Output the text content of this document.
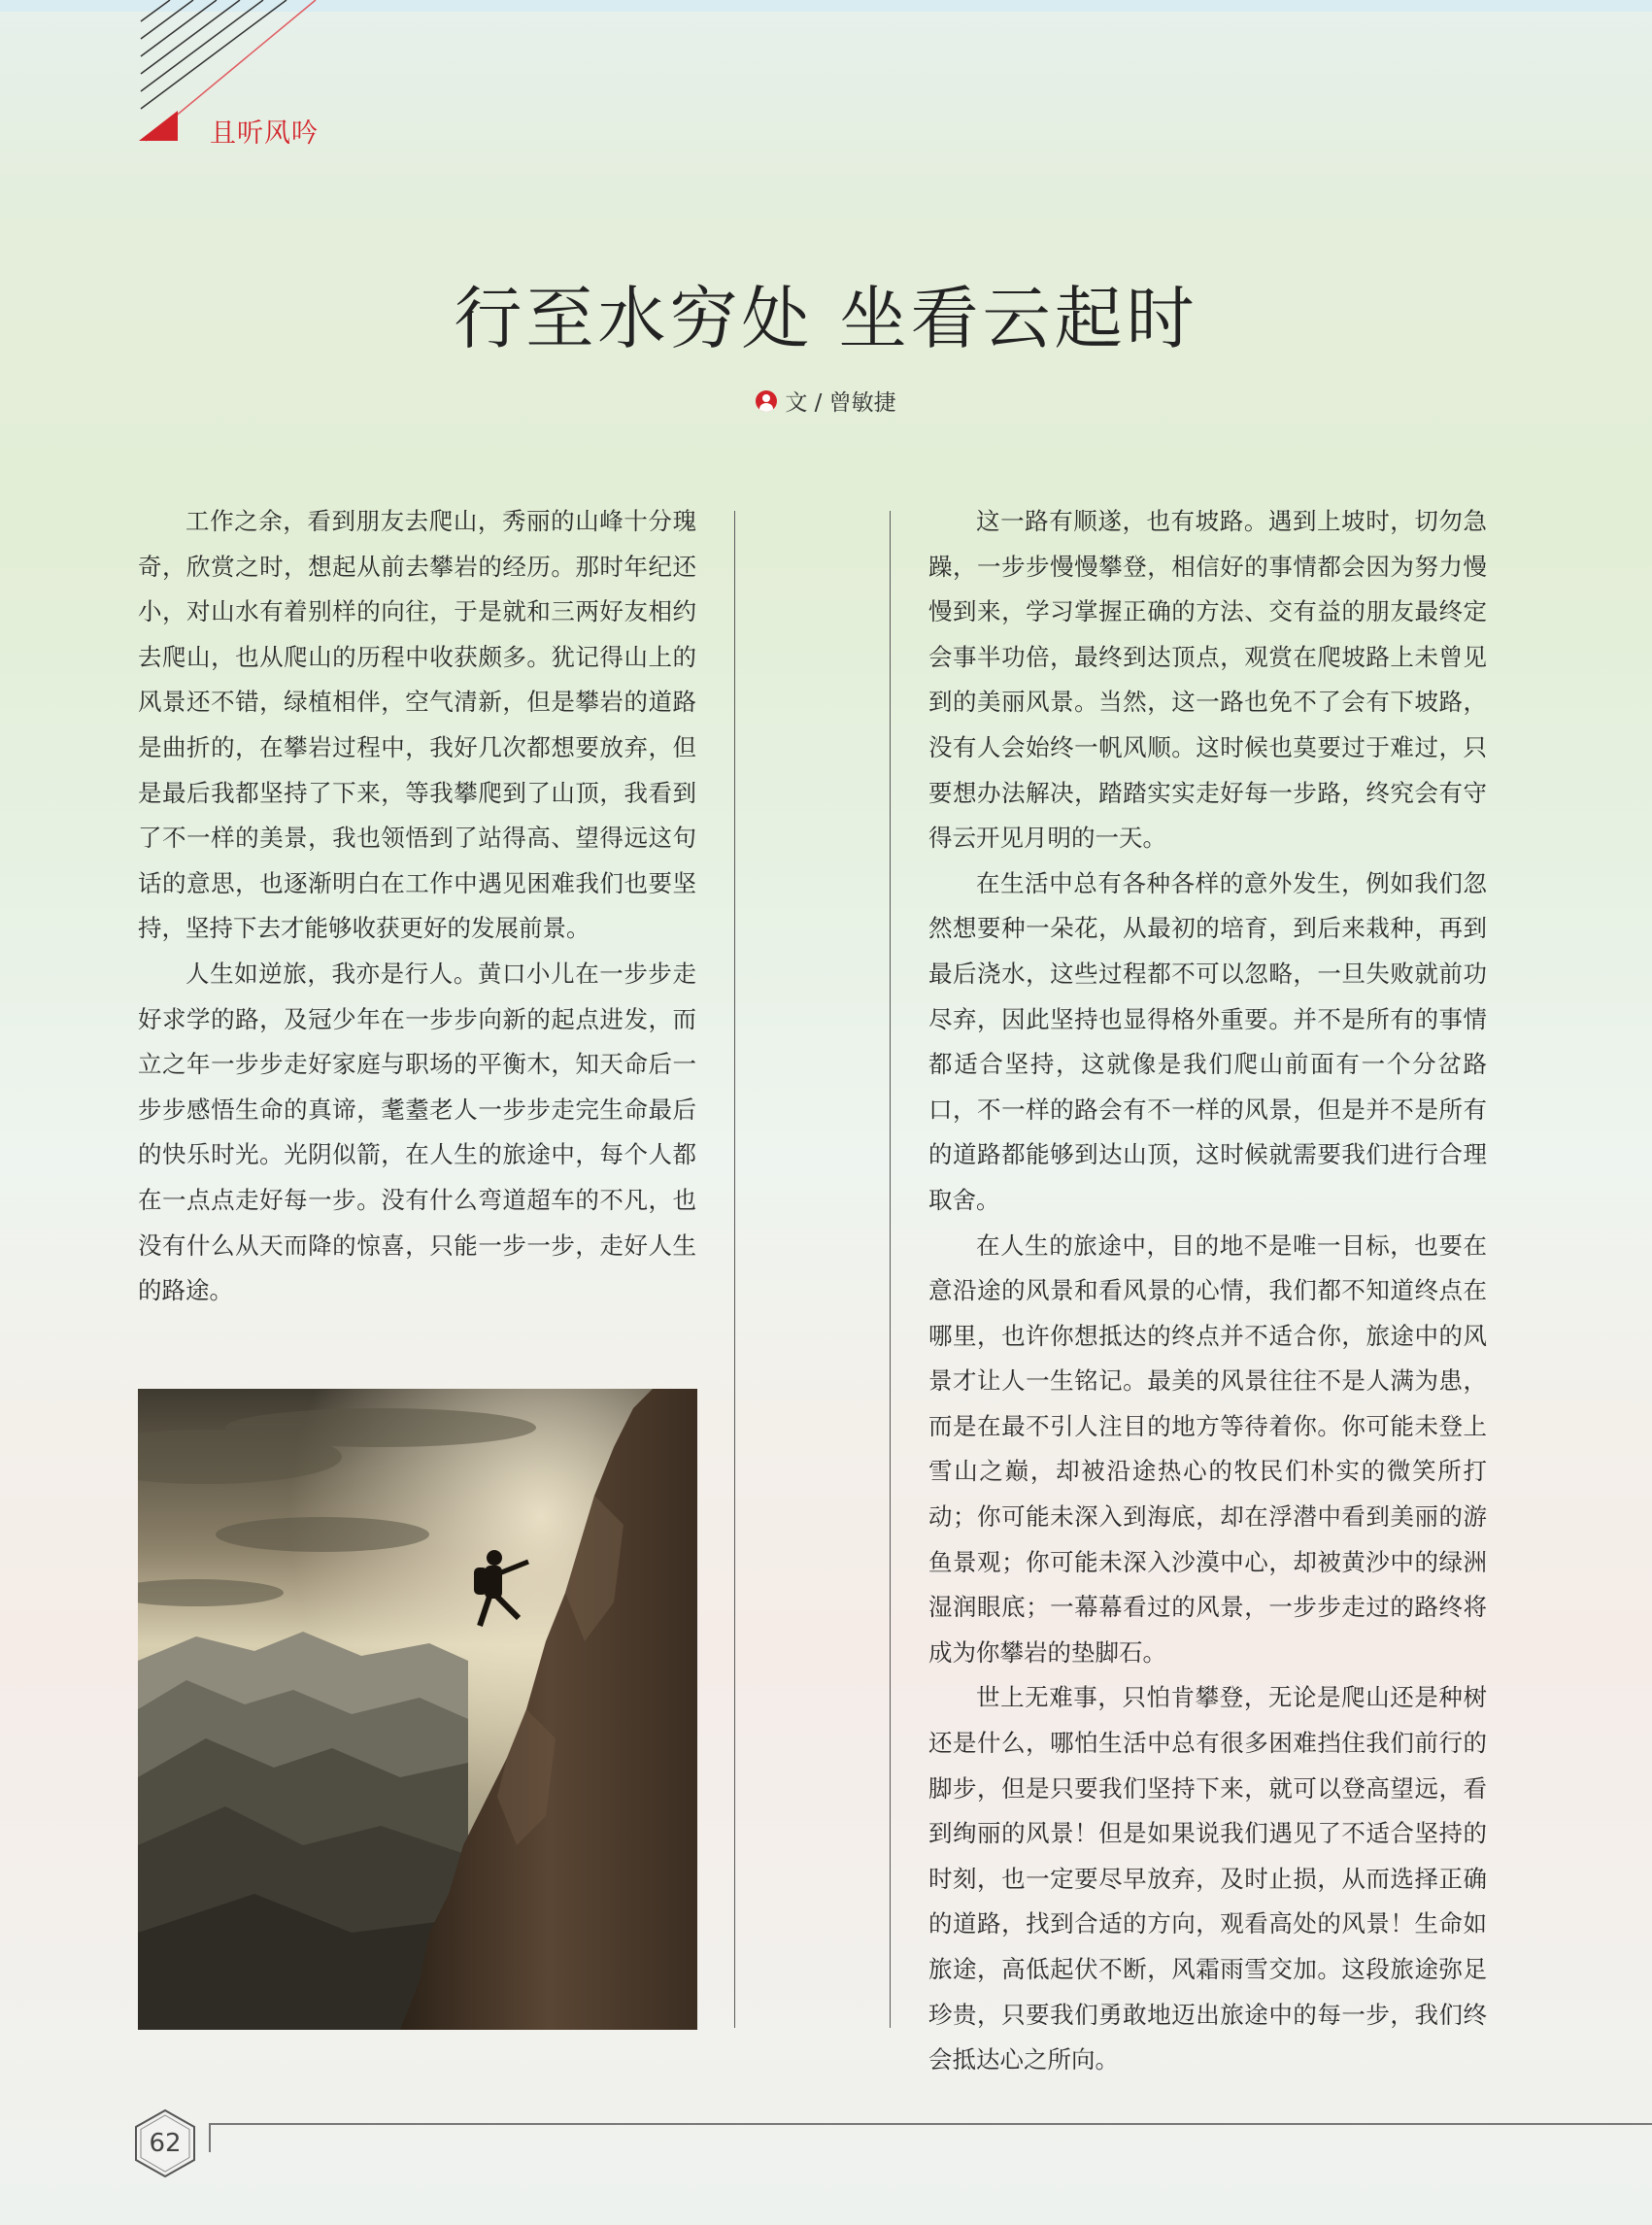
且听风吟
行至水穷处 坐看云起时
文 / 曾敏捷

工作之余，看到朋友去爬山，秀丽的山峰十分瑰奇，欣赏之时，想起从前去攀岩的经历。那时年纪还小，对山水有着别样的向往，于是就和三两好友相约去爬山，也从爬山的历程中收获颇多。犹记得山上的风景还不错，绿植相伴，空气清新，但是攀岩的道路是曲折的，在攀岩过程中，我好几次都想要放弃，但是最后我都坚持了下来，等我攀爬到了山顶，我看到了不一样的美景，我也领悟到了站得高、望得远这句话的意思，也逐渐明白在工作中遇见困难我们也要坚持，坚持下去才能够收获更好的发展前景。

人生如逆旅，我亦是行人。黄口小儿在一步步走好求学的路，及冠少年在一步步向新的起点进发，而立之年一步步走好家庭与职场的平衡木，知天命后一步步感悟生命的真谛，耄耋老人一步步走完生命最后的快乐时光。光阴似箭，在人生的旅途中，每个人都在一点点走好每一步。没有什么弯道超车的不凡，也没有什么从天而降的惊喜，只能一步一步，走好人生的路途。

这一路有顺遂，也有坡路。遇到上坡时，切勿急躁，一步步慢慢攀登，相信好的事情都会因为努力慢慢到来，学习掌握正确的方法、交有益的朋友最终定会事半功倍，最终到达顶点，观赏在爬坡路上未曾见到的美丽风景。当然，这一路也免不了会有下坡路，没有人会始终一帆风顺。这时候也莫要过于难过，只要想办法解决，踏踏实实走好每一步路，终究会有守得云开见月明的一天。

在生活中总有各种各样的意外发生，例如我们忽然想要种一朵花，从最初的培育，到后来栽种，再到最后浇水，这些过程都不可以忽略，一旦失败就前功尽弃，因此坚持也显得格外重要。并不是所有的事情都适合坚持，这就像是我们爬山前面有一个分岔路口，不一样的路会有不一样的风景，但是并不是所有的道路都能够到达山顶，这时候就需要我们进行合理取舍。

在人生的旅途中，目的地不是唯一目标，也要在意沿途的风景和看风景的心情，我们都不知道终点在哪里，也许你想抵达的终点并不适合你，旅途中的风景才让人一生铭记。最美的风景往往不是人满为患，而是在最不引人注目的地方等待着你。你可能未登上雪山之巅，却被沿途热心的牧民们朴实的微笑所打动；你可能未深入到海底，却在浮潜中看到美丽的游鱼景观；你可能未深入沙漠中心，却被黄沙中的绿洲湿润眼底；一幕幕看过的风景，一步步走过的路终将成为你攀岩的垫脚石。

世上无难事，只怕肯攀登，无论是爬山还是种树还是什么，哪怕生活中总有很多困难挡住我们前行的脚步，但是只要我们坚持下来，就可以登高望远，看到绚丽的风景！但是如果说我们遇见了不适合坚持的时刻，也一定要尽早放弃，及时止损，从而选择正确的道路，找到合适的方向，观看高处的风景！生命如旅途，高低起伏不断，风霜雨雪交加。这段旅途弥足珍贵，只要我们勇敢地迈出旅途中的每一步，我们终会抵达心之所向。

62
